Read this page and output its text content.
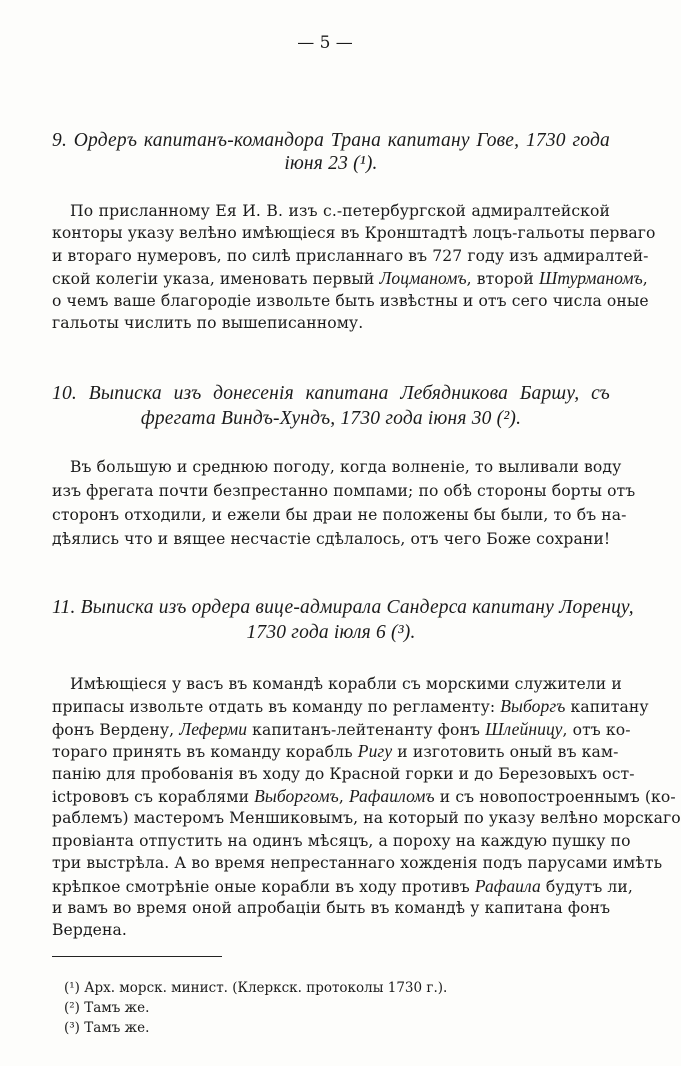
— 5 —
9. Ордеръ капитанъ-командора Трана капитану Гове, 1730 года
іюня 23 (¹).
По присланному Ея И. В. изъ с.-петербургской адмиралтейской
конторы указу велѣно имѣющіеся въ Кронштадтѣ лоцъ-гальоты перваго
и втораго нумеровъ, по силѣ присланнаго въ 727 году изъ адмиралтей-
ской колегіи указа, именовать первый Лоцманомъ, второй Штурманомъ,
о чемъ ваше благородіе извольте быть извѣстны и отъ сего числа оные
гальоты числить по вышеписанному.
10. Выписка изъ донесенія капитана Лебядникова Баршу, съ
фрегата Виндъ-Хундъ, 1730 года іюня 30 (²).
Въ большую и среднюю погоду, когда волненіе, то выливали воду
изъ фрегата почти безпрестанно помпами; по обѣ стороны борты отъ
сторонъ отходили, и ежели бы драи не положены бы были, то бъ на-
дѣялись что и вящее несчастіе сдѣлалось, отъ чего Боже сохрани!
11. Выписка изъ ордера вице-адмирала Сандерса капитану Лоренцу,
1730 года іюля 6 (³).
Имѣющіеся у васъ въ командѣ корабли съ морскими служители и
припасы извольте отдать въ команду по регламенту: Выборгъ капитану
фонъ Вердену, Леферми капитанъ-лейтенанту фонъ Шлейницу, отъ ко-
тораго принять въ команду корабль Ригу и изготовить оный въ кам-
панію для пробованія въ ходу до Красной горки и до Березовыхъ ост-
ictрововъ съ кораблями Выборгомъ, Рафаиломъ и съ новопостроеннымъ (ко-
раблемъ) мастеромъ Меншиковымъ, на который по указу велѣно морскаго
провіанта отпустить на одинъ мѣсяцъ, а пороху на каждую пушку по
три выстрѣла. А во время непрестаннаго хожденія подъ парусами имѣть
крѣпкое смотрѣніе оные корабли въ ходу противъ Рафаила будутъ ли,
и вамъ во время оной апробаціи быть въ командѣ у капитана фонъ
Вердена.
(¹) Арх. морск. минист. (Клеркск. протоколы 1730 г.).
(²) Тамъ же.
(³) Тамъ же.
